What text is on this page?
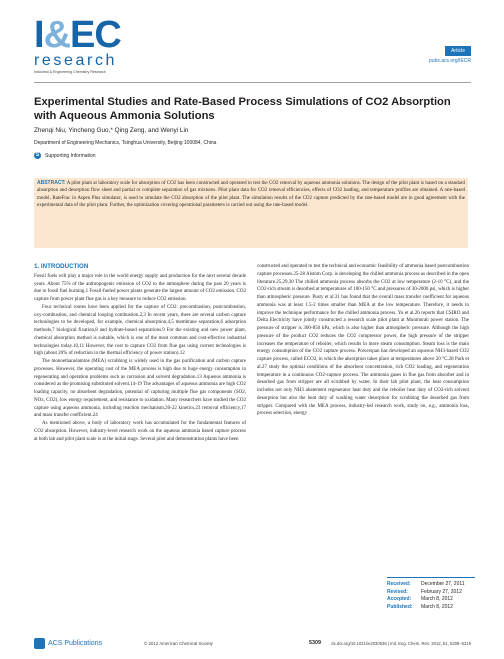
I&EC
research
Industrial & Engineering Chemistry Research
Article
pubs.acs.org/IECR
Experimental Studies and Rate-Based Process Simulations of CO2 Absorption with Aqueous Ammonia Solutions
Zhenqi Niu, Yincheng Guo,* Qing Zeng, and Wenyi Lin
Department of Engineering Mechanics, Tsinghua University, Beijing 100084, China
S	Supporting Information
ABSTRACT: A pilot plant at laboratory scale for absorption of CO2 has been constructed and operated to test the CO2 removal by aqueous ammonia solutions. The design of the pilot plant is based on a standard absorption and desorption flow sheet and partial or complete separation of gas mixtures. Pilot plant data for CO2 removal efficiencies, effects of CO2 loading, and temperature profiles are obtained. A rate-based model, RateFrac in Aspen Plus simulator, is used to simulate the CO2 absorption of the pilot plant. The simulation results of the CO2 capture predicted by the rate-based model are in good agreement with the experimental data of the pilot plant. Further, the optimization covering operational parameters is carried out using the rate-based model.
1. INTRODUCTION

Fossil fuels will play a major role in the world energy supply and production for the next several decade years. About 75% of the anthropogenic emission of CO2 to the atmosphere during the past 20 years is due to fossil fuel burning.1 Fossil-fueled power plants generate the largest amount of CO2 emission. CO2 capture from power plant flue gas is a key measure to reduce CO2 emission.

Four technical routes have been applied for the capture of CO2: precombustion, postcombustion, oxy-combustion, and chemical looping combustion.2,3 In recent years, there are several carbon capture technologies to be developed, for example, chemical absorption,4,5 membrane separation,6 adsorption methods,7 biological fixation,8 and hydrate-based separations.9 For the existing and new power plant, chemical absorption method is suitable, which is one of the most common and cost-effective industrial technologies today.10,11 However, the cost to capture CO2 from flue gas using current technologies is high (about 20% of reduction in the thermal efficiency of power station).12

The monoethanolamine (MEA) scrubbing is widely used in the gas purification and carbon capture processes. However, the operating cost of the MEA process is high due to huge energy consumption in regenerating and operation problems such as corrosion and solvent degradation.13 Aqueous ammonia is considered as the promising substituted solvent.14-19 The advantages of aqueous ammonia are high CO2 loading capacity, no absorbent degradation, potential of capturing multiple flue gas components (SO2, NOx, CO2), low energy requirement, and resistance to oxidation. Many researchers have studied the CO2 capture using aqueous ammonia, including reaction mechanism,20-22 kinetics,23 removal efficiency,17 and mass transfer coefficient.24

As mentioned above, a body of laboratory work has accumulated for the fundamental features of CO2 absorption. However, industry-level research work on the aqueous ammonia based capture process at both lab and pilot plant scale is at the initial stage. Several pilot and demonstration plants have been

constructed and operated to test the technical and economic feasibility of ammonia based postcombustion capture processes.25-28 Alstom Corp. is developing the chilled ammonia process as described in the open literature.25,29,30 The chilled ammonia process absorbs the CO2 at low temperature (2-10 °C), and the CO2-rich stream is desorbed at temperatures of 100-150 °C and pressures of 30-2000 psi, which is higher than atmospheric pressure. Pusty et al.31 has found that the overall mass transfer coefficient for aqueous ammonia was at least 1.5-2 times smaller than MEA at the low temperature. Therefore, it needs to improve the technique performance for the chilled ammonia process. Yu et al.26 reports that CSIRO and Delta Electricity have jointly constructed a research scale pilot plant at Munmorah power station. The pressure of stripper is 300-850 kPa, which is also higher than atmospheric pressure. Although the high pressure of the product CO2 reduces the CO2 compressor power, the high pressure of the stripper increases the temperature of reboiler, which results in more steam consumption. Steam loss is the main energy consumption of the CO2 capture process. Powerspan has developed an aqueous NH3-based CO2 capture process, called ECO2, in which the absorption takes place at temperatures above 20 °C.28 Park et al.27 study the optimal conditions of the absorbent concentration, rich CO2 loading, and regeneration temperature in a continuous CO2-capture process. The ammonia gases in flue gas from absorber and in desorbed gas from stripper are all scrubbed by water. In their lab pilot plant, the heat consumption includes not only NH3 abatement regenerator heat duty and the reboiler heat duty of CO2-rich solvent desorption but also the heat duty of washing water desorption for scrubbing the desorbed gas from stripper. Compared with the MEA process, industry-led research work, study on, e.g., ammonia loss, process selection, energy

Received: December 27, 2011
Revised:	February 27, 2012
Accepted: March 8, 2012
Published: March 8, 2012
ACS Publications	© 2012 American Chemical Society	5309 dx.doi.org/10.1021/ie2030536 | Ind. Eng. Chem. Res. 2012, 51, 5309−5319
